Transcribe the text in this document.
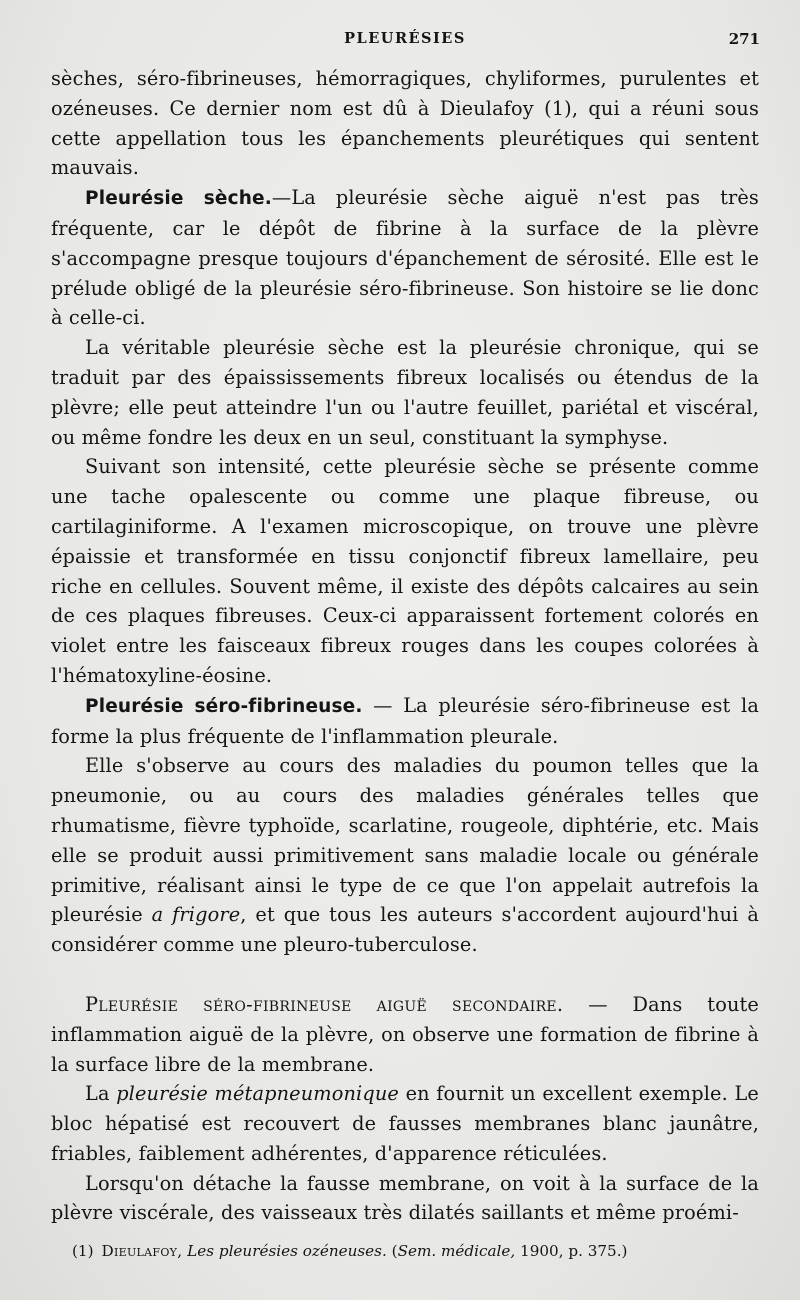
PLEURÉSIES	271

sèches, séro-fibrineuses, hémorragiques, chyliformes, purulentes et ozéneuses. Ce dernier nom est dû à Dieulafoy (1), qui a réuni sous cette appellation tous les épanchements pleurétiques qui sentent mauvais.

Pleurésie sèche.—La pleurésie sèche aiguë n'est pas très fréquente, car le dépôt de fibrine à la surface de la plèvre s'accompagne presque toujours d'épanchement de sérosité. Elle est le prélude obligé de la pleurésie séro-fibrineuse. Son histoire se lie donc à celle-ci.

La véritable pleurésie sèche est la pleurésie chronique, qui se traduit par des épaississements fibreux localisés ou étendus de la plèvre; elle peut atteindre l'un ou l'autre feuillet, pariétal et viscéral, ou même fondre les deux en un seul, constituant la symphyse.

Suivant son intensité, cette pleurésie sèche se présente comme une tache opalescente ou comme une plaque fibreuse, ou cartilaginiforme. A l'examen microscopique, on trouve une plèvre épaissie et transformée en tissu conjonctif fibreux lamellaire, peu riche en cellules. Souvent même, il existe des dépôts calcaires au sein de ces plaques fibreuses. Ceux-ci apparaissent fortement colorés en violet entre les faisceaux fibreux rouges dans les coupes colorées à l'hématoxyline-éosine.

Pleurésie séro-fibrineuse. — La pleurésie séro-fibrineuse est la forme la plus fréquente de l'inflammation pleurale.

Elle s'observe au cours des maladies du poumon telles que la pneumonie, ou au cours des maladies générales telles que rhumatisme, fièvre typhoïde, scarlatine, rougeole, diphtérie, etc. Mais elle se produit aussi primitivement sans maladie locale ou générale primitive, réalisant ainsi le type de ce que l'on appelait autrefois la pleurésie a frigore, et que tous les auteurs s'accordent aujourd'hui à considérer comme une pleuro-tuberculose.

Pleurésie séro-fibrineuse aiguë secondaire. — Dans toute inflammation aiguë de la plèvre, on observe une formation de fibrine à la surface libre de la membrane.

La pleurésie métapneumonique en fournit un excellent exemple. Le bloc hépatisé est recouvert de fausses membranes blanc jaunâtre, friables, faiblement adhérentes, d'apparence réticulées.

Lorsqu'on détache la fausse membrane, on voit à la surface de la plèvre viscérale, des vaisseaux très dilatés saillants et même proémi-

(1) Dieulafoy, Les pleurésies ozéneuses. (Sem. médicale, 1900, p. 375.)
